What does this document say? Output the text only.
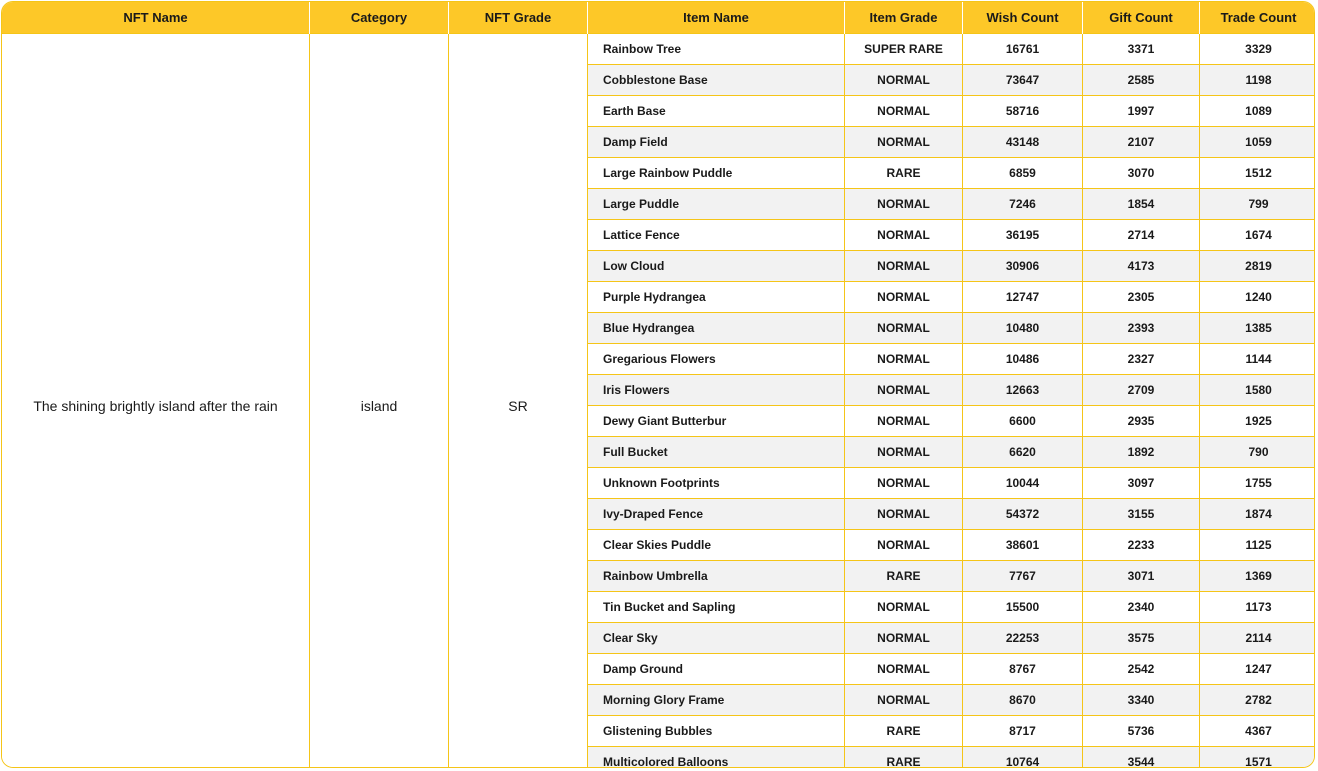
NFT Name	Category	NFT Grade	Item Name	Item Grade	Wish Count	Gift Count	Trade Count
The shining brightly island after the rain	island	SR	Rainbow Tree	SUPER RARE	16761	3371	3329
			Cobblestone Base	NORMAL	73647	2585	1198
			Earth Base	NORMAL	58716	1997	1089
			Damp Field	NORMAL	43148	2107	1059
			Large Rainbow Puddle	RARE	6859	3070	1512
			Large Puddle	NORMAL	7246	1854	799
			Lattice Fence	NORMAL	36195	2714	1674
			Low Cloud	NORMAL	30906	4173	2819
			Purple Hydrangea	NORMAL	12747	2305	1240
			Blue Hydrangea	NORMAL	10480	2393	1385
			Gregarious Flowers	NORMAL	10486	2327	1144
			Iris Flowers	NORMAL	12663	2709	1580
			Dewy Giant Butterbur	NORMAL	6600	2935	1925
			Full Bucket	NORMAL	6620	1892	790
			Unknown Footprints	NORMAL	10044	3097	1755
			Ivy-Draped Fence	NORMAL	54372	3155	1874
			Clear Skies Puddle	NORMAL	38601	2233	1125
			Rainbow Umbrella	RARE	7767	3071	1369
			Tin Bucket and Sapling	NORMAL	15500	2340	1173
			Clear Sky	NORMAL	22253	3575	2114
			Damp Ground	NORMAL	8767	2542	1247
			Morning Glory Frame	NORMAL	8670	3340	2782
			Glistening Bubbles	RARE	8717	5736	4367
			Multicolored Balloons	RARE	10764	3544	1571
